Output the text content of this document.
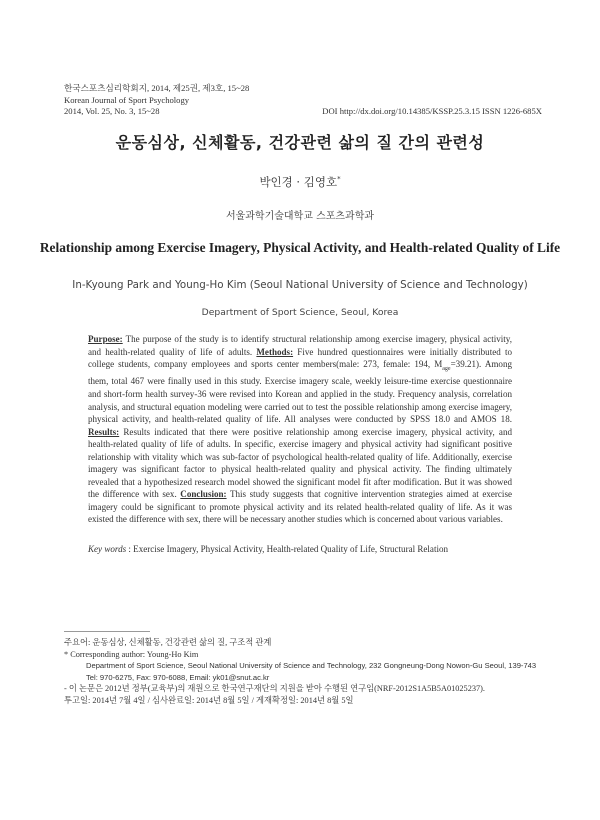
한국스포츠심리학회지, 2014, 제25권, 제3호, 15~28
Korean Journal of Sport Psychology
2014, Vol. 25, No. 3, 15~28	DOI http://dx.doi.org/10.14385/KSSP.25.3.15 ISSN 1226-685X
운동심상, 신체활동, 건강관련 삶의 질 간의 관련성
박인경 · 김영호*
서울과학기술대학교 스포츠과학과
Relationship among Exercise Imagery, Physical Activity, and Health-related Quality of Life
In-Kyoung Park and Young-Ho Kim (Seoul National University of Science and Technology)
Department of Sport Science, Seoul, Korea
Purpose: The purpose of the study is to identify structural relationship among exercise imagery, physical activity, and health-related quality of life of adults. Methods: Five hundred questionnaires were initially distributed to college students, company employees and sports center members(male: 273, female: 194, $M_{age}=39.21$). Among them, total 467 were finally used in this study. Exercise imagery scale, weekly leisure-time exercise questionnaire and short-form health survey-36 were revised into Korean and applied in the study. Frequency analysis, correlation analysis, and structural equation modeling were carried out to test the possible relationship among exercise imagery, physical activity, and health-related quality of life. All analyses were conducted by SPSS 18.0 and AMOS 18. Results: Results indicated that there were positive relationship among exercise imagery, physical activity, and health-related quality of life of adults. In specific, exercise imagery and physical activity had significant positive relationship with vitality which was sub-factor of psychological health-related quality of life. Additionally, exercise imagery was significant factor to physical health-related quality and physical activity. The finding ultimately revealed that a hypothesized research model showed the significant model fit after modification. But it was showed the difference with sex. Conclusion: This study suggests that cognitive intervention strategies aimed at exercise imagery could be significant to promote physical activity and its related health-related quality of life. As it was existed the difference with sex, there will be necessary another studies which is concerned about various variables.
Key words : Exercise Imagery, Physical Activity, Health-related Quality of Life, Structural Relation
주요어: 운동심상, 신체활동, 건강관련 삶의 질, 구조적 관계
* Corresponding author: Young-Ho Kim
Department of Sport Science, Seoul National University of Science and Technology, 232 Gongneung-Dong Nowon-Gu Seoul, 139-743
Tel: 970-6275, Fax: 970-6088, Email: yk01@snut.ac.kr
- 이 논문은 2012년 정부(교육부)의 재원으로 한국연구재단의 지원을 받아 수행된 연구임(NRF-2012S1A5B5A01025237).
투고일: 2014년 7월 4일 / 심사완료일: 2014년 8월 5일 / 게재확정일: 2014년 8월 5일
